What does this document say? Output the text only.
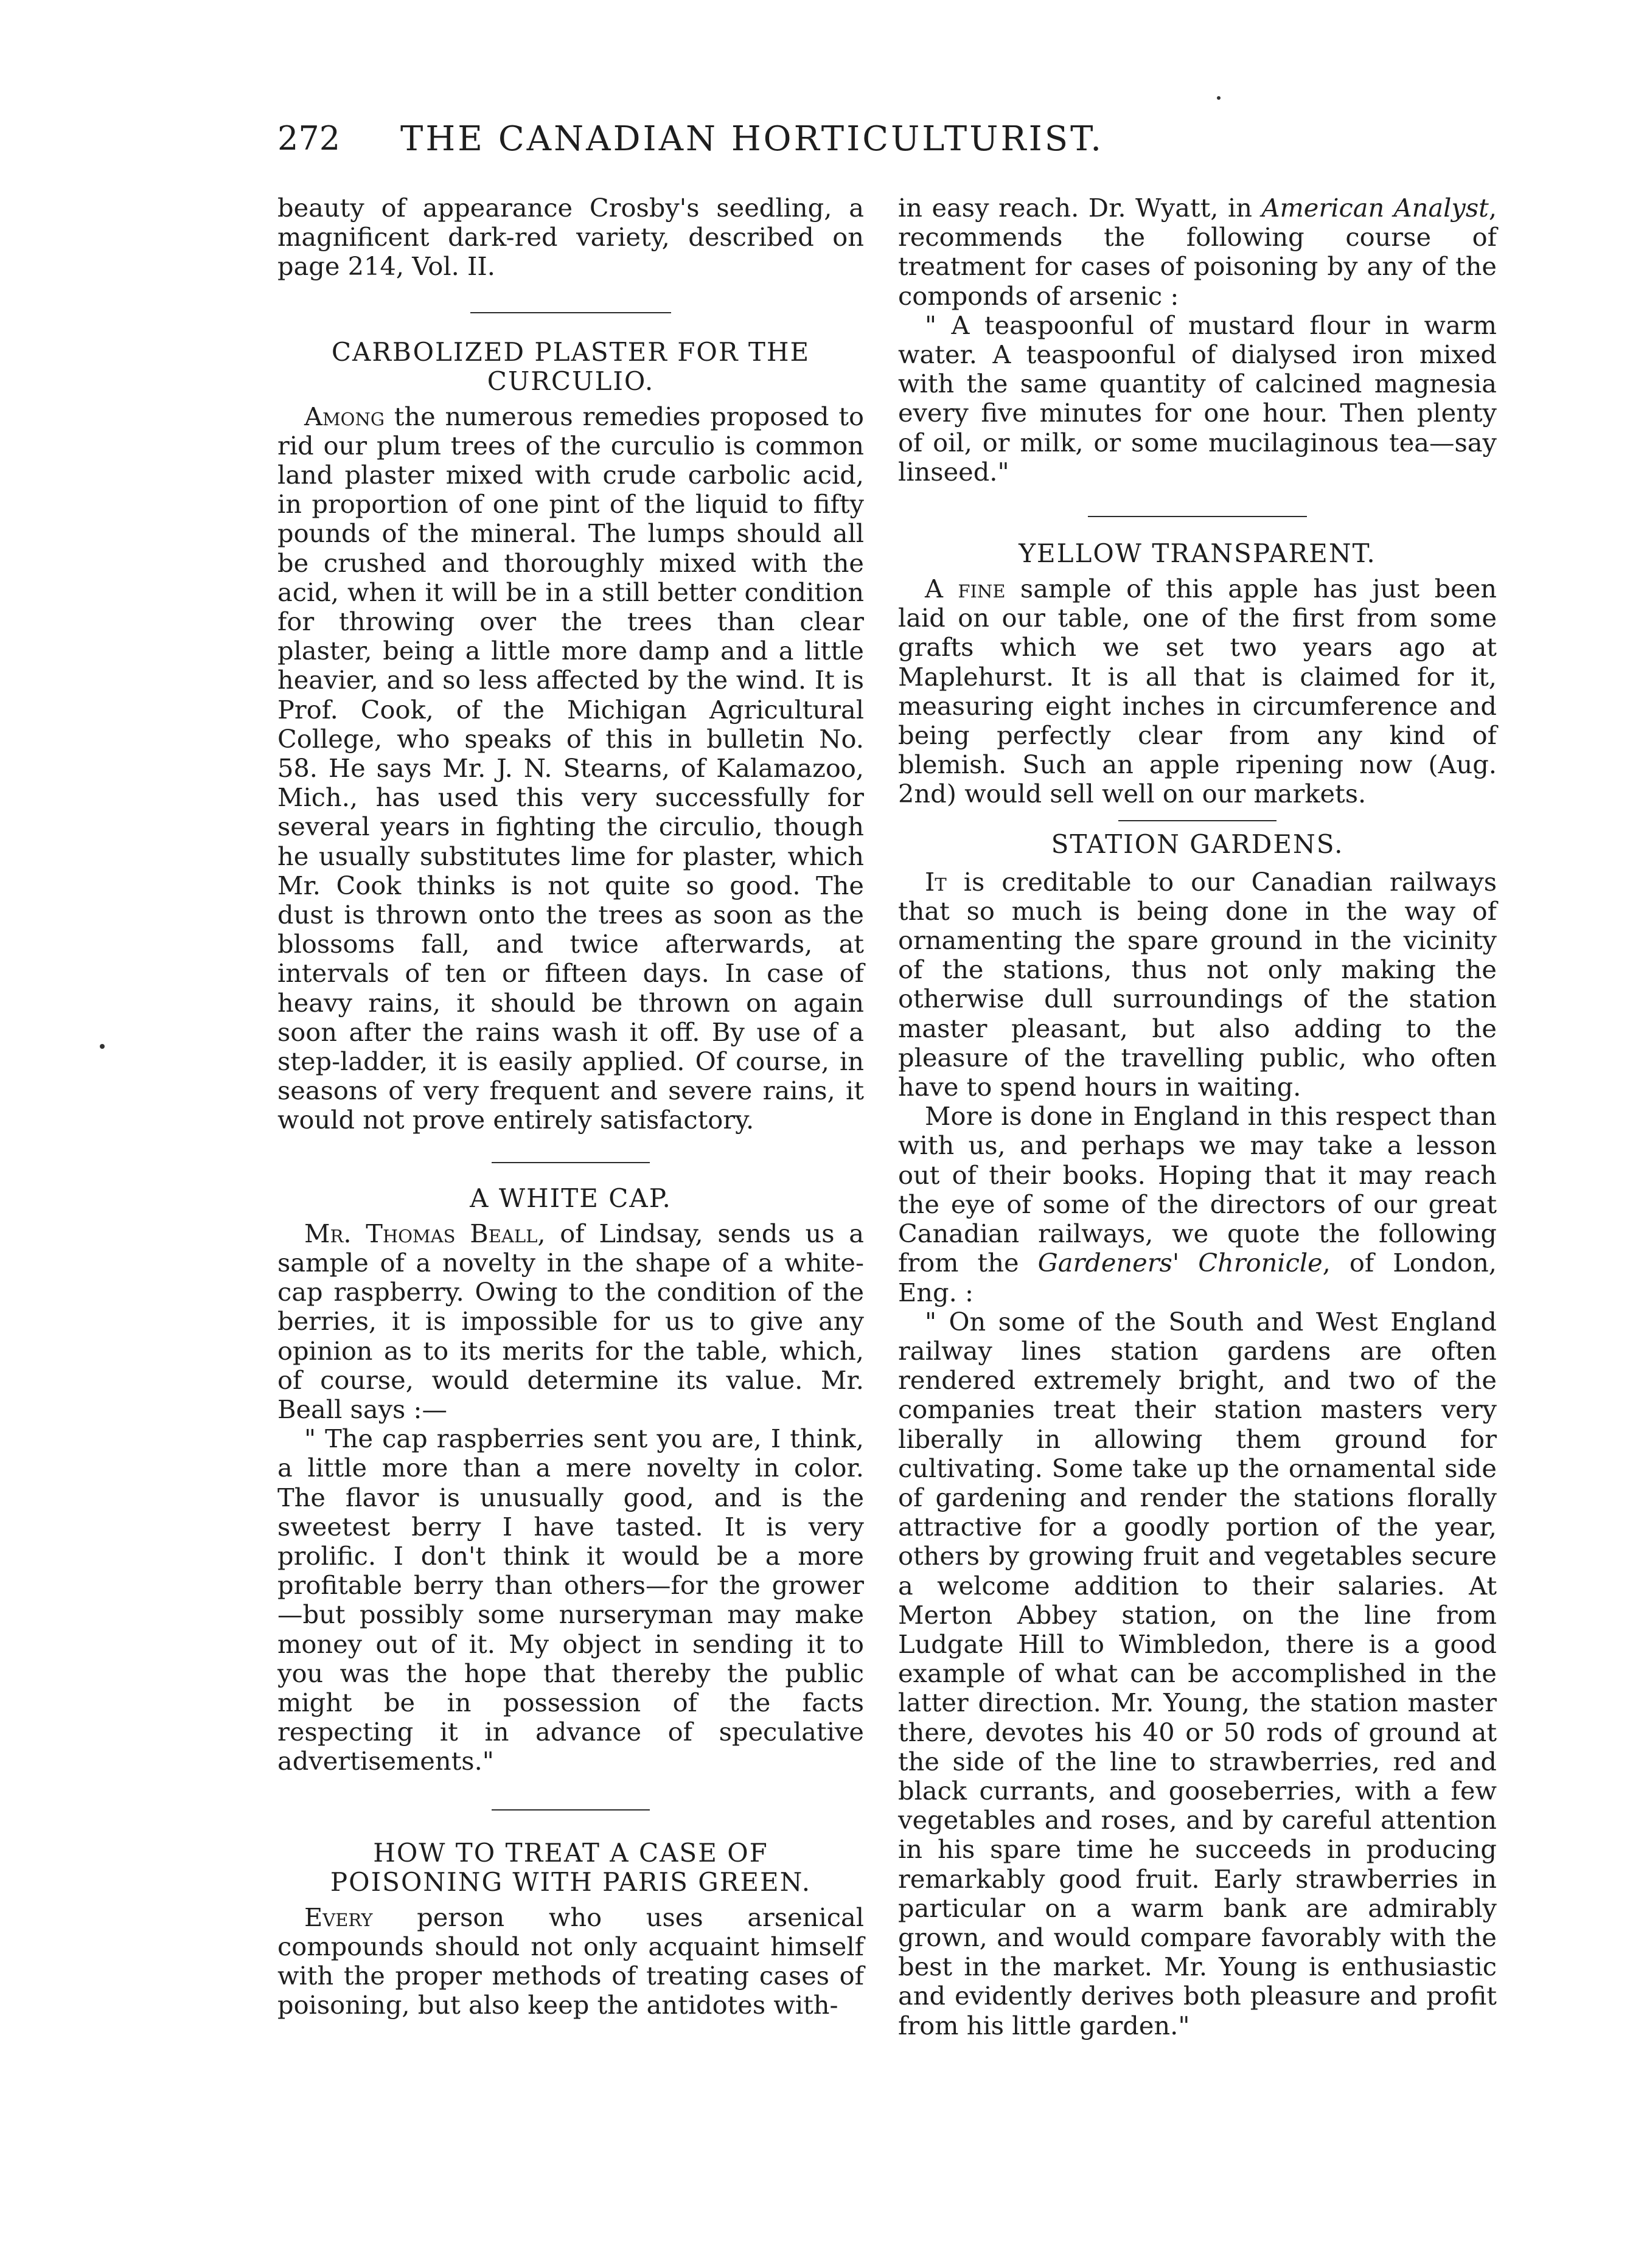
272	THE CANADIAN HORTICULTURIST.

beauty of appearance Crosby's seedling, a magnificent dark-red variety, described on page 214, Vol. II.

CARBOLIZED PLASTER FOR THE CURCULIO.

Among the numerous remedies proposed to rid our plum trees of the curculio is common land plaster mixed with crude carbolic acid, in proportion of one pint of the liquid to fifty pounds of the mineral. The lumps should all be crushed and thoroughly mixed with the acid, when it will be in a still better condition for throwing over the trees than clear plaster, being a little more damp and a little heavier, and so less affected by the wind. It is Prof. Cook, of the Michigan Agricultural College, who speaks of this in bulletin No. 58. He says Mr. J. N. Stearns, of Kalamazoo, Mich., has used this very successfully for several years in fighting the circulio, though he usually substitutes lime for plaster, which Mr. Cook thinks is not quite so good. The dust is thrown onto the trees as soon as the blossoms fall, and twice afterwards, at intervals of ten or fifteen days. In case of heavy rains, it should be thrown on again soon after the rains wash it off. By use of a step-ladder, it is easily applied. Of course, in seasons of very frequent and severe rains, it would not prove entirely satisfactory.

A WHITE CAP.

Mr. Thomas Beall, of Lindsay, sends us a sample of a novelty in the shape of a white-cap raspberry. Owing to the condition of the berries, it is impossible for us to give any opinion as to its merits for the table, which, of course, would determine its value. Mr. Beall says :—

" The cap raspberries sent you are, I think, a little more than a mere novelty in color. The flavor is unusually good, and is the sweetest berry I have tasted. It is very prolific. I don't think it would be a more profitable berry than others—for the grower—but possibly some nurseryman may make money out of it. My object in sending it to you was the hope that thereby the public might be in possession of the facts respecting it in advance of speculative advertisements."

HOW TO TREAT A CASE OF
POISONING WITH PARIS GREEN.

Every person who uses arsenical compounds should not only acquaint himself with the proper methods of treating cases of poisoning, but also keep the antidotes with-

in easy reach. Dr. Wyatt, in American Analyst, recommends the following course of treatment for cases of poisoning by any of the componds of arsenic :

" A teaspoonful of mustard flour in warm water. A teaspoonful of dialysed iron mixed with the same quantity of calcined magnesia every five minutes for one hour. Then plenty of oil, or milk, or some mucilaginous tea—say linseed."

YELLOW TRANSPARENT.

A fine sample of this apple has just been laid on our table, one of the first from some grafts which we set two years ago at Maplehurst. It is all that is claimed for it, measuring eight inches in circumference and being perfectly clear from any kind of blemish. Such an apple ripening now (Aug. 2nd) would sell well on our markets.

STATION GARDENS.

It is creditable to our Canadian railways that so much is being done in the way of ornamenting the spare ground in the vicinity of the stations, thus not only making the otherwise dull surroundings of the station master pleasant, but also adding to the pleasure of the travelling public, who often have to spend hours in waiting.

More is done in England in this respect than with us, and perhaps we may take a lesson out of their books. Hoping that it may reach the eye of some of the directors of our great Canadian railways, we quote the following from the Gardeners' Chronicle, of London, Eng. :

" On some of the South and West England railway lines station gardens are often rendered extremely bright, and two of the companies treat their station masters very liberally in allowing them ground for cultivating. Some take up the ornamental side of gardening and render the stations florally attractive for a goodly portion of the year, others by growing fruit and vegetables secure a welcome addition to their salaries. At Merton Abbey station, on the line from Ludgate Hill to Wimbledon, there is a good example of what can be accomplished in the latter direction. Mr. Young, the station master there, devotes his 40 or 50 rods of ground at the side of the line to strawberries, red and black currants, and gooseberries, with a few vegetables and roses, and by careful attention in his spare time he succeeds in producing remarkably good fruit. Early strawberries in particular on a warm bank are admirably grown, and would compare favorably with the best in the market. Mr. Young is enthusiastic and evidently derives both pleasure and profit from his little garden."
